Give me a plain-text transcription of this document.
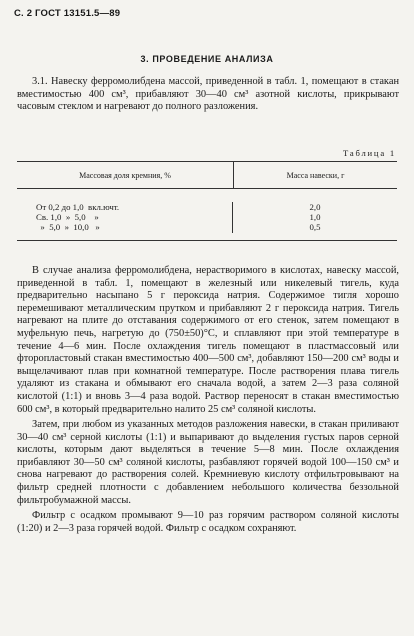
С. 2 ГОСТ 13151.5—89
3. ПРОВЕДЕНИЕ АНАЛИЗА

3.1. Навеску ферромолибдена массой, приведенной в табл. 1, помещают в стакан вместимостью 400 см³, прибавляют 30—40 см³ азотной кислоты, прикрывают часовым стеклом и нагревают до полного разложения.

Таблица 1
Массовая доля кремния, %	Масса навески, г
От 0,2 до 1,0  вкл.ючт.
Св. 1,0  »  5,0    »
»  5,0  »  10,0   »
2,0
1,0
0,5

В случае анализа ферромолибдена, нерастворимого в кислотах, навеску массой, приведенной в табл. 1, помещают в железный или никелевый тигель, куда предварительно насыпано 5 г пероксида натрия. Содержимое тигля хорошо перемешивают металлическим прутком и прибавляют 2 г пероксида натрия. Тигель нагревают на плите до отставания содержимого от его стенок, затем помещают в муфельную печь, нагретую до (750±50)°С, и сплавляют при этой температуре в течение 4—6 мин. После охлаждения тигель помещают в пластмассовый или фторопластовый стакан вместимостью 400—500 см³, добавляют 150—200 см³ воды и выщелачивают плав при комнатной температуре. После растворения плава тигель удаляют из стакана и обмывают его сначала водой, а затем 2—3 раза соляной кислотой (1:1) и вновь 3—4 раза водой. Раствор переносят в стакан вместимостью 600 см³, в который предварительно налито 25 см³ соляной кислоты.

Затем, при любом из указанных методов разложения навески, в стакан приливают 30—40 см³ серной кислоты (1:1) и выпаривают до выделения густых паров серной кислоты, которым дают выделяться в течение 5—8 мин. После охлаждения прибавляют 30—50 см³ соляной кислоты, разбавляют горячей водой 100—150 см³ и снова нагревают до растворения солей. Кремниевую кислоту отфильтровывают на фильтр средней плотности с добавлением небольшого количества беззольной фильтробумажной массы.

Фильтр с осадком промывают 9—10 раз горячим раствором соляной кислоты (1:20) и 2—3 раза горячей водой. Фильтр с осадком сохраняют.
